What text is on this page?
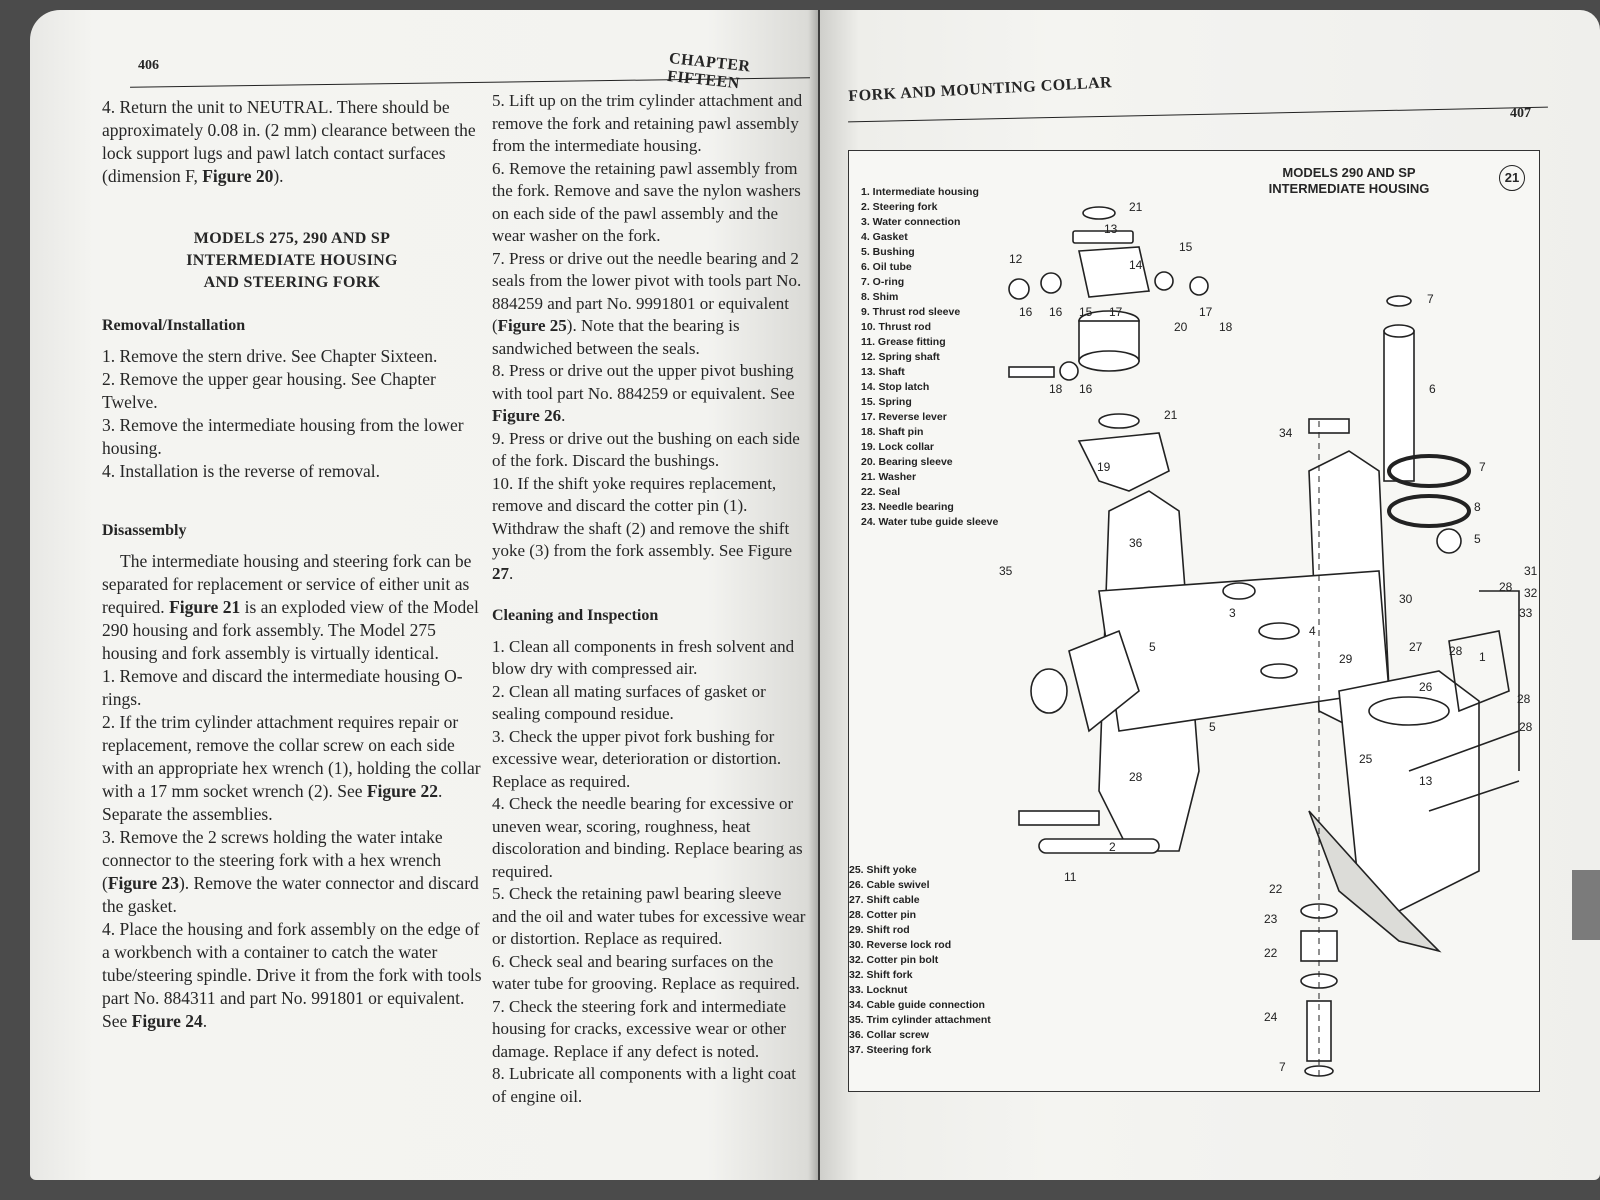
406	CHAPTER FIFTEEN

4. Return the unit to NEUTRAL. There should be approximately 0.08 in. (2 mm) clearance between the lock support lugs and pawl latch contact surfaces (dimension F, Figure 20).

MODELS 275, 290 AND SP
INTERMEDIATE HOUSING
AND STEERING FORK
Removal/Installation

1. Remove the stern drive. See Chapter Sixteen.

2. Remove the upper gear housing. See Chapter Twelve.

3. Remove the intermediate housing from the lower housing.

4. Installation is the reverse of removal.

Disassembly

The intermediate housing and steering fork can be separated for replacement or service of either unit as required. Figure 21 is an exploded view of the Model 290 housing and fork assembly. The Model 275 housing and fork assembly is virtually identical.

1. Remove and discard the intermediate housing O-rings.

2. If the trim cylinder attachment requires repair or replacement, remove the collar screw on each side with an appropriate hex wrench (1), holding the collar with a 17 mm socket wrench (2). See Figure 22. Separate the assemblies.

3. Remove the 2 screws holding the water intake connector to the steering fork with a hex wrench (Figure 23). Remove the water connector and discard the gasket.

4. Place the housing and fork assembly on the edge of a workbench with a container to catch the water tube/steering spindle. Drive it from the fork with tools part No. 884311 and part No. 991801 or equivalent. See Figure 24.

5. Lift up on the trim cylinder attachment and remove the fork and retaining pawl assembly from the intermediate housing.

6. Remove the retaining pawl assembly from the fork. Remove and save the nylon washers on each side of the pawl assembly and the wear washer on the fork.

7. Press or drive out the needle bearing and 2 seals from the lower pivot with tools part No. 884259 and part No. 9991801 or equivalent (Figure 25). Note that the bearing is sandwiched between the seals.

8. Press or drive out the upper pivot bushing with tool part No. 884259 or equivalent. See Figure 26.

9. Press or drive out the bushing on each side of the fork. Discard the bushings.

10. If the shift yoke requires replacement, remove and discard the cotter pin (1). Withdraw the shaft (2) and remove the shift yoke (3) from the fork assembly. See Figure 27.

Cleaning and Inspection

1. Clean all components in fresh solvent and blow dry with compressed air.

2. Clean all mating surfaces of gasket or sealing compound residue.

3. Check the upper pivot fork bushing for excessive wear, deterioration or distortion. Replace as required.

4. Check the needle bearing for excessive or uneven wear, scoring, roughness, heat discoloration and binding. Replace bearing as required.

5. Check the retaining pawl bearing sleeve and the oil and water tubes for excessive wear or distortion. Replace as required.

6. Check seal and bearing surfaces on the water tube for grooving. Replace as required.

7. Check the steering fork and intermediate housing for cracks, excessive wear or other damage. Replace if any defect is noted.

8. Lubricate all components with a light coat of engine oil.

FORK AND MOUNTING COLLAR
407
MODELS 290 AND SP
INTERMEDIATE HOUSING
21
1. Intermediate housing
2. Steering fork
3. Water connection
4. Gasket
5. Bushing
6. Oil tube
7. O-ring
8. Shim
9. Thrust rod sleeve
10. Thrust rod
11. Grease fitting
12. Spring shaft
13. Shaft
14. Stop latch
15. Spring
17. Reverse lever
18. Shaft pin
19. Lock collar
20. Bearing sleeve
21. Washer
22. Seal
23. Needle bearing
24. Water tube guide sleeve
25. Shift yoke
26. Cable swivel
27. Shift cable
28. Cotter pin
29. Shift rod
30. Reverse lock rod
32. Cotter pin bolt
32. Shift fork
33. Locknut
34. Cable guide connection
35. Trim cylinder attachment
36. Collar screw
37. Steering fork
21
13
12	14
15
16 16 15 17	17
20	18
7
6
18 16
19
21
34
7
8
36	5
35
3
4
5
31
28 32
30
33
27 28
29	1
26
28
28
5
25
13
28
2
11
22
23
22
24
7
